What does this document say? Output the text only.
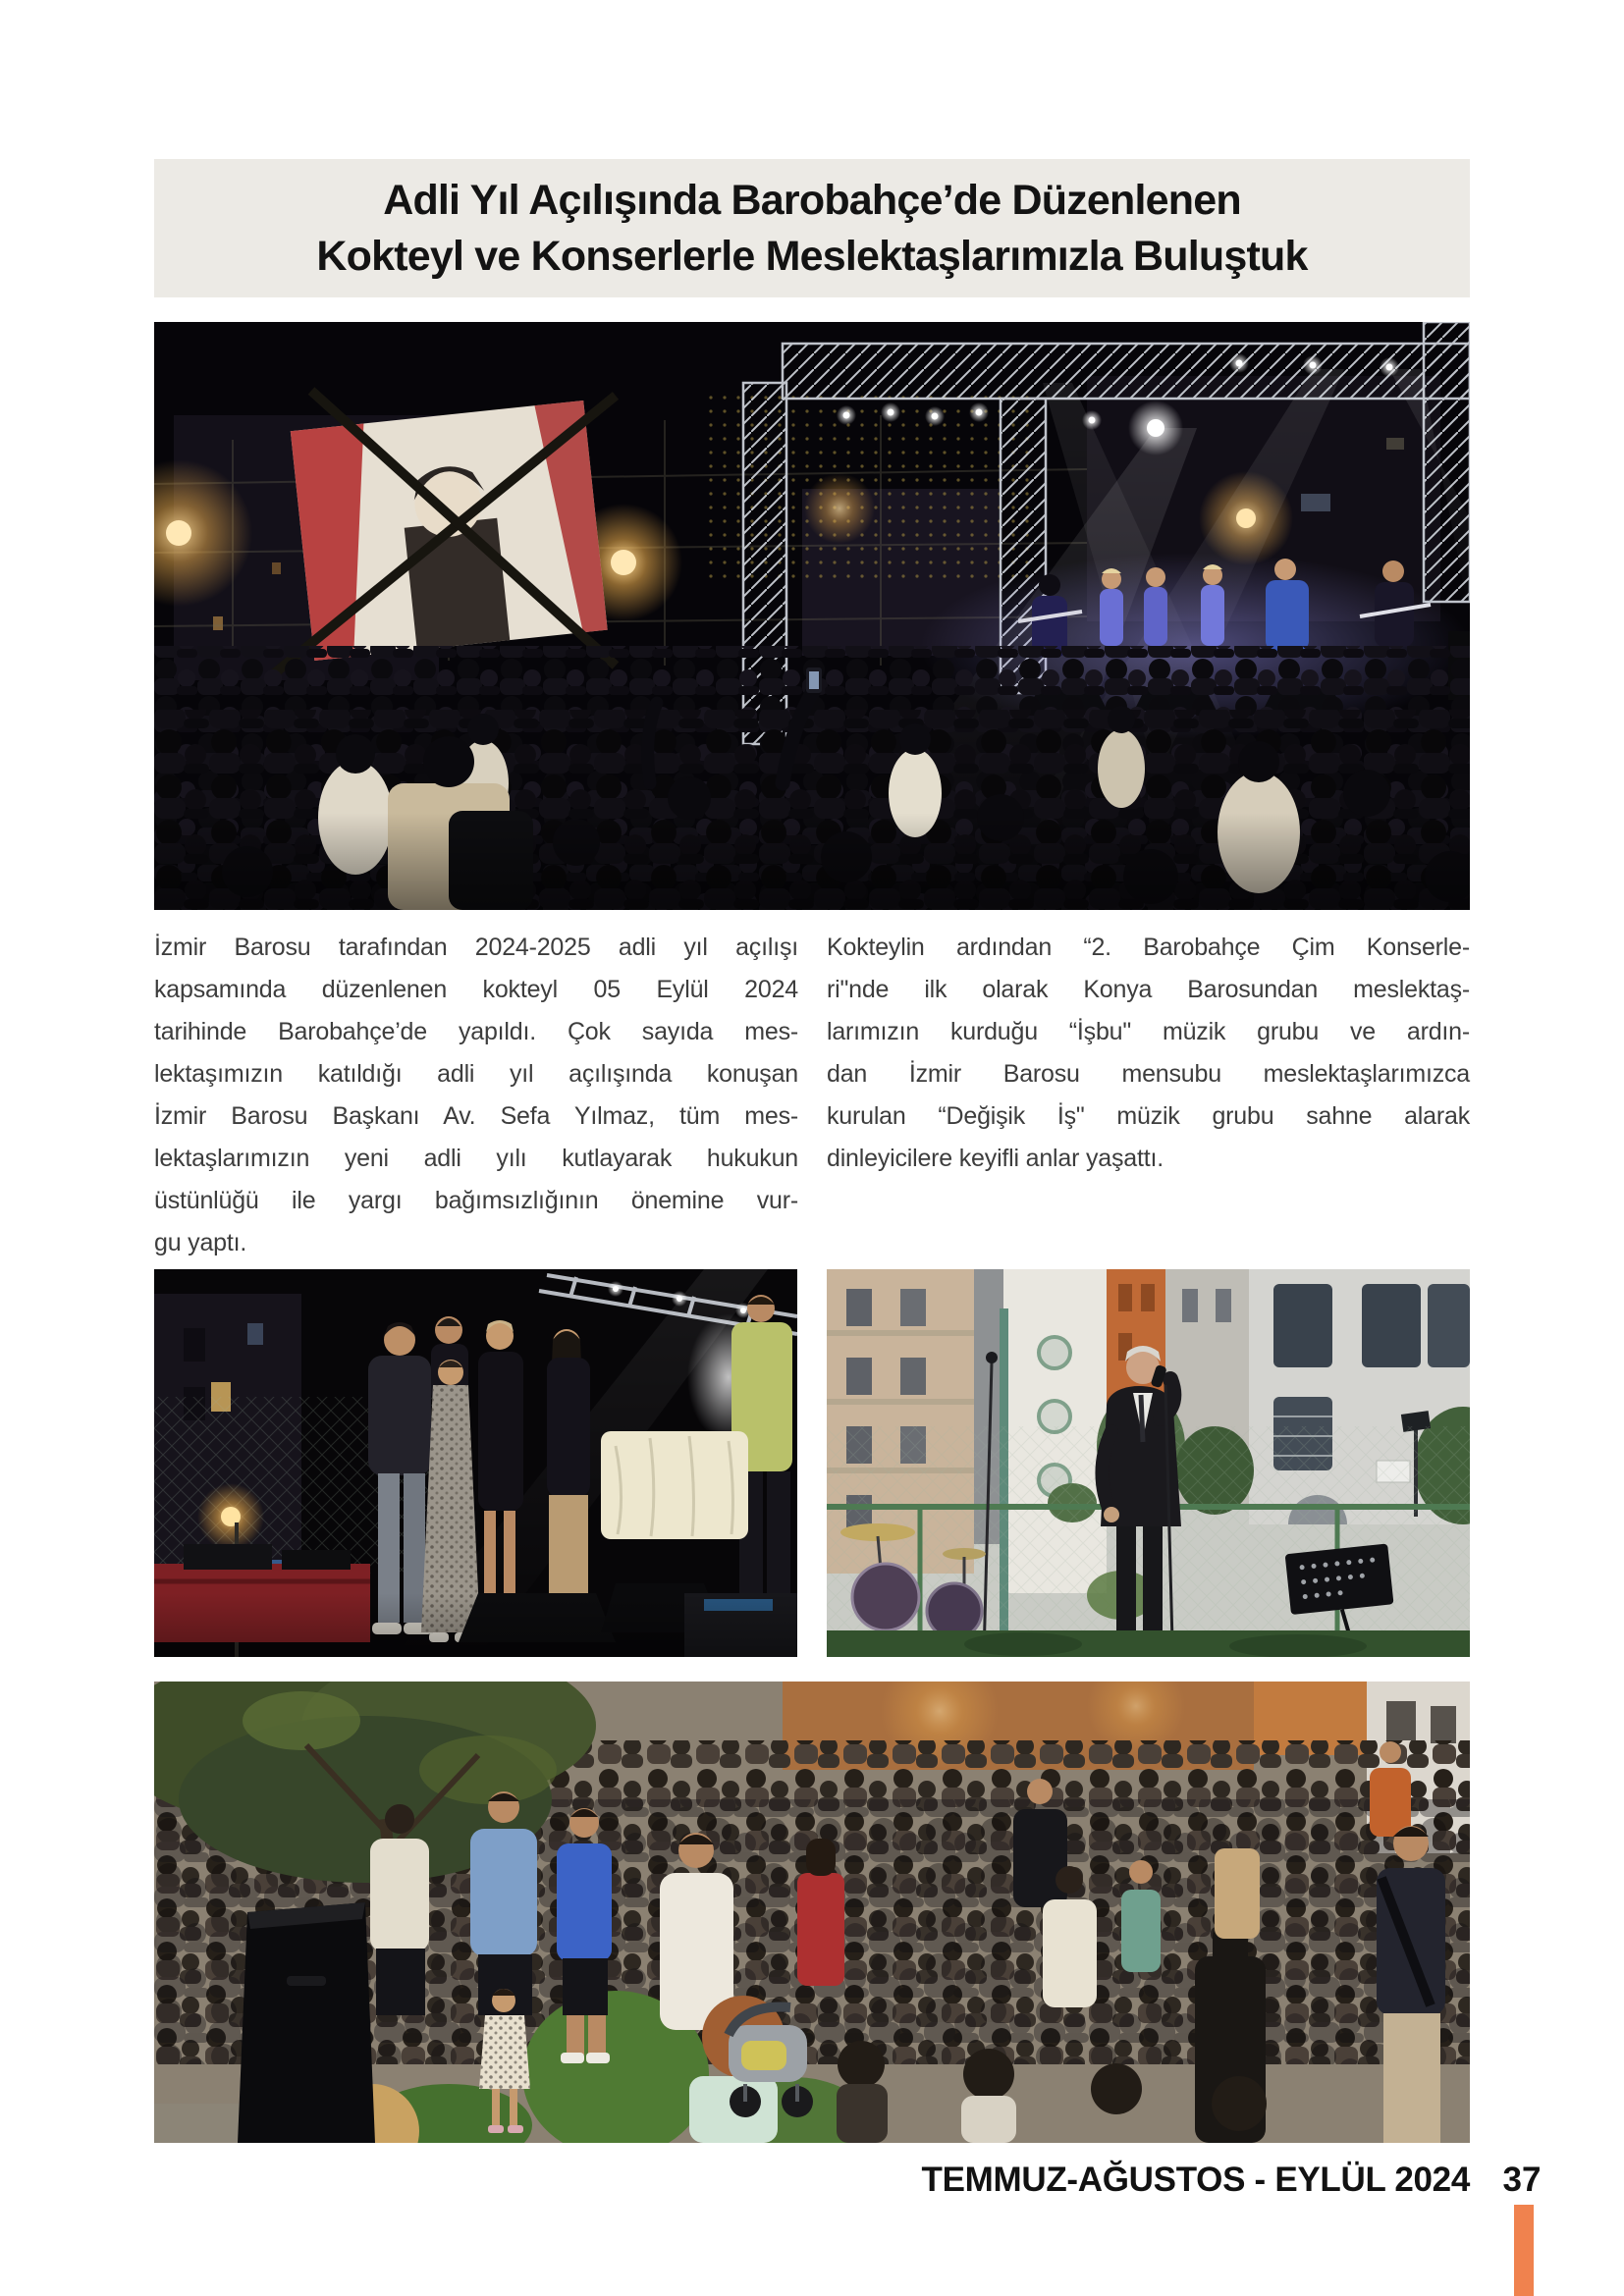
Adli Yıl Açılışında Barobahçe’de Düzenlenen
Kokteyl ve Konserlerle Meslektaşlarımızla Buluştuk
İzmir Barosu tarafından 2024-2025 adli yıl açılışı
kapsamında düzenlenen kokteyl 05 Eylül 2024
tarihinde Barobahçe’de yapıldı. Çok sayıda mes-
lektaşımızın katıldığı adli yıl açılışında konuşan
İzmir Barosu Başkanı Av. Sefa Yılmaz, tüm mes-
lektaşlarımızın yeni adli yılı kutlayarak hukukun
üstünlüğü ile yargı bağımsızlığının önemine vur-
gu yaptı.
Kokteylin ardından “2. Barobahçe Çim Konserle-
ri"nde ilk olarak Konya Barosundan meslektaş-
larımızın kurduğu “İşbu" müzik grubu ve ardın-
dan İzmir Barosu mensubu meslektaşlarımızca
kurulan “Değişik İş" müzik grubu sahne alarak
dinleyicilere keyifli anlar yaşattı.
TEMMUZ-AĞUSTOS - EYLÜL 2024 37
